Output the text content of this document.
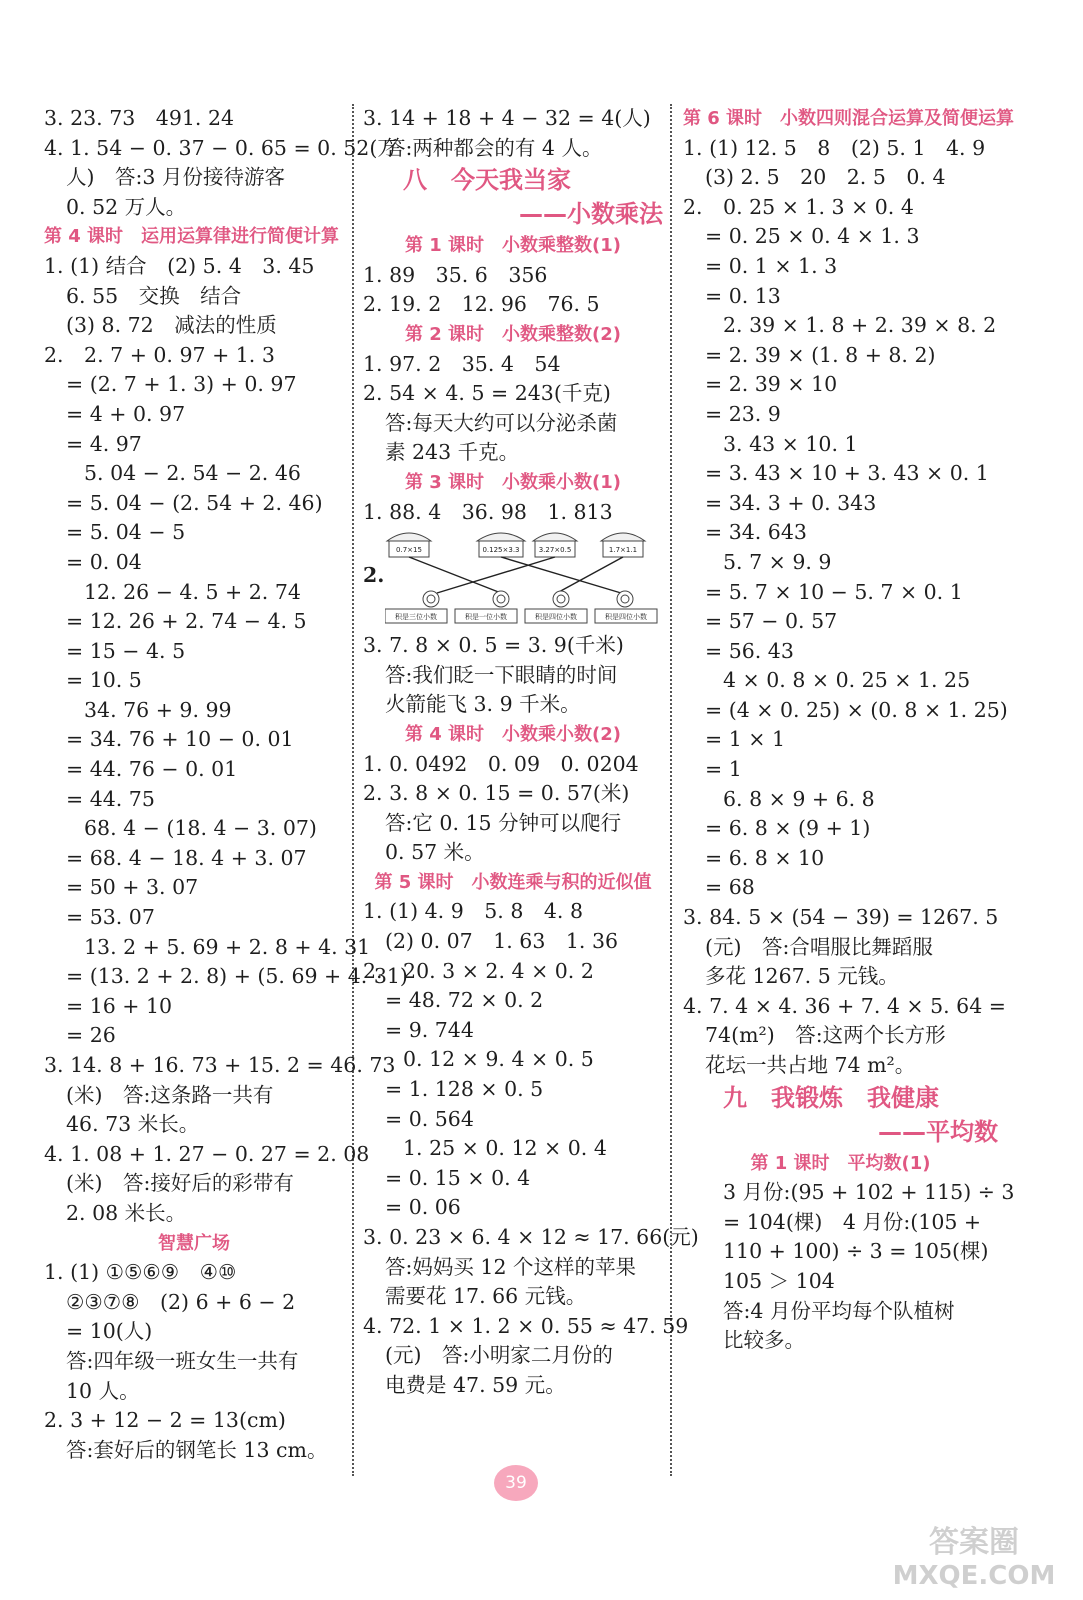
3. 23. 73　491. 24
4. 1. 54 − 0. 37 − 0. 65 = 0. 52(万
人)　答:3 月份接待游客
0. 52 万人。
第 4 课时　运用运算律进行简便计算
1. (1) 结合　(2) 5. 4　3. 45
6. 55　交换　结合
(3) 8. 72　减法的性质
2.　2. 7 + 0. 97 + 1. 3
= (2. 7 + 1. 3) + 0. 97
= 4 + 0. 97
= 4. 97
5. 04 − 2. 54 − 2. 46
= 5. 04 − (2. 54 + 2. 46)
= 5. 04 − 5
= 0. 04
12. 26 − 4. 5 + 2. 74
= 12. 26 + 2. 74 − 4. 5
= 15 − 4. 5
= 10. 5
34. 76 + 9. 99
= 34. 76 + 10 − 0. 01
= 44. 76 − 0. 01
= 44. 75
68. 4 − (18. 4 − 3. 07)
= 68. 4 − 18. 4 + 3. 07
= 50 + 3. 07
= 53. 07
13. 2 + 5. 69 + 2. 8 + 4. 31
= (13. 2 + 2. 8) + (5. 69 + 4. 31)
= 16 + 10
= 26
3. 14. 8 + 16. 73 + 15. 2 = 46. 73
(米)　答:这条路一共有
46. 73 米长。
4. 1. 08 + 1. 27 − 0. 27 = 2. 08
(米)　答:接好后的彩带有
2. 08 米长。
智慧广场
1. (1) ①⑤⑥⑨　④⑩
②③⑦⑧　(2) 6 + 6 − 2
= 10(人)
答:四年级一班女生一共有
10 人。
2. 3 + 12 − 2 = 13(cm)
答:套好后的钢笔长 13 cm。
3. 14 + 18 + 4 − 32 = 4(人)
答:两种都会的有 4 人。
八　今天我当家
——小数乘法
第 1 课时　小数乘整数(1)
1. 89　35. 6　356
2. 19. 2　12. 96　76. 5
第 2 课时　小数乘整数(2)
1. 97. 2　35. 4　54
2. 54 × 4. 5 = 243(千克)
答:每天大约可以分泌杀菌
素 243 千克。
第 3 课时　小数乘小数(1)
1. 88. 4　36. 98　1. 813
2.
0.7×15	0.125×3.3	3.27×0.5	1.7×1.1
积是三位小数	积是一位小数	积是四位小数	积是四位小数
3. 7. 8 × 0. 5 = 3. 9(千米)
答:我们眨一下眼睛的时间
火箭能飞 3. 9 千米。
第 4 课时　小数乘小数(2)
1. 0. 0492　0. 09　0. 0204
2. 3. 8 × 0. 15 = 0. 57(米)
答:它 0. 15 分钟可以爬行
0. 57 米。
第 5 课时　小数连乘与积的近似值
1. (1) 4. 9　5. 8　4. 8
(2) 0. 07　1. 63　1. 36
2.　20. 3 × 2. 4 × 0. 2
= 48. 72 × 0. 2
= 9. 744
0. 12 × 9. 4 × 0. 5
= 1. 128 × 0. 5
= 0. 564
1. 25 × 0. 12 × 0. 4
= 0. 15 × 0. 4
= 0. 06
3. 0. 23 × 6. 4 × 12 ≈ 17. 66(元)
答:妈妈买 12 个这样的苹果
需要花 17. 66 元钱。
4. 72. 1 × 1. 2 × 0. 55 ≈ 47. 59
(元)　答:小明家二月份的
电费是 47. 59 元。
第 6 课时　小数四则混合运算及简便运算
1. (1) 12. 5　8　(2) 5. 1　4. 9
(3) 2. 5　20　2. 5　0. 4
2.　0. 25 × 1. 3 × 0. 4
= 0. 25 × 0. 4 × 1. 3
= 0. 1 × 1. 3
= 0. 13
2. 39 × 1. 8 + 2. 39 × 8. 2
= 2. 39 × (1. 8 + 8. 2)
= 2. 39 × 10
= 23. 9
3. 43 × 10. 1
= 3. 43 × 10 + 3. 43 × 0. 1
= 34. 3 + 0. 343
= 34. 643
5. 7 × 9. 9
= 5. 7 × 10 − 5. 7 × 0. 1
= 57 − 0. 57
= 56. 43
4 × 0. 8 × 0. 25 × 1. 25
= (4 × 0. 25) × (0. 8 × 1. 25)
= 1 × 1
= 1
6. 8 × 9 + 6. 8
= 6. 8 × (9 + 1)
= 6. 8 × 10
= 68
3. 84. 5 × (54 − 39) = 1267. 5
(元)　答:合唱服比舞蹈服
多花 1267. 5 元钱。
4. 7. 4 × 4. 36 + 7. 4 × 5. 64 =
74(m²)　答:这两个长方形
花坛一共占地 74 m²。
九　我锻炼　我健康
——平均数
第 1 课时　平均数(1)
3 月份:(95 + 102 + 115) ÷ 3
= 104(棵)　4 月份:(105 +
110 + 100) ÷ 3 = 105(棵)
105 ＞ 104
答:4 月份平均每个队植树
比较多。
39
答案圈
MXQE.COM
